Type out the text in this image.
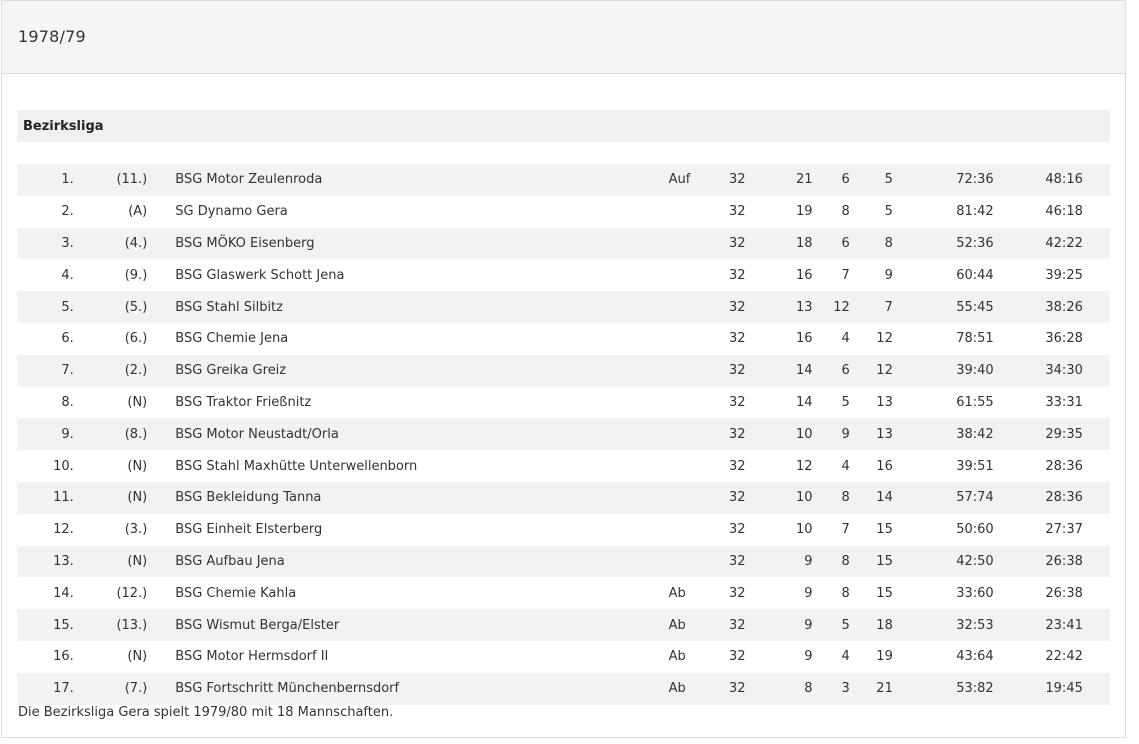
1978/79
Bezirksliga
1.	(11.)	BSG Motor Zeulenroda	Auf	32	21	6	5	72:36	48:16	
2.	(A)	SG Dynamo Gera		32	19	8	5	81:42	46:18	
3.	(4.)	BSG MÖKO Eisenberg		32	18	6	8	52:36	42:22	
4.	(9.)	BSG Glaswerk Schott Jena		32	16	7	9	60:44	39:25	
5.	(5.)	BSG Stahl Silbitz		32	13	12	7	55:45	38:26	
6.	(6.)	BSG Chemie Jena		32	16	4	12	78:51	36:28	
7.	(2.)	BSG Greika Greiz		32	14	6	12	39:40	34:30	
8.	(N)	BSG Traktor Frießnitz		32	14	5	13	61:55	33:31	
9.	(8.)	BSG Motor Neustadt/Orla		32	10	9	13	38:42	29:35	
10.	(N)	BSG Stahl Maxhütte Unterwellenborn		32	12	4	16	39:51	28:36	
11.	(N)	BSG Bekleidung Tanna		32	10	8	14	57:74	28:36	
12.	(3.)	BSG Einheit Elsterberg		32	10	7	15	50:60	27:37	
13.	(N)	BSG Aufbau Jena		32	9	8	15	42:50	26:38	
14.	(12.)	BSG Chemie Kahla	Ab	32	9	8	15	33:60	26:38	
15.	(13.)	BSG Wismut Berga/Elster	Ab	32	9	5	18	32:53	23:41	
16.	(N)	BSG Motor Hermsdorf II	Ab	32	9	4	19	43:64	22:42	
17.	(7.)	BSG Fortschritt Münchenbernsdorf	Ab	32	8	3	21	53:82	19:45	
Die Bezirksliga Gera spielt 1979/80 mit 18 Mannschaften.
